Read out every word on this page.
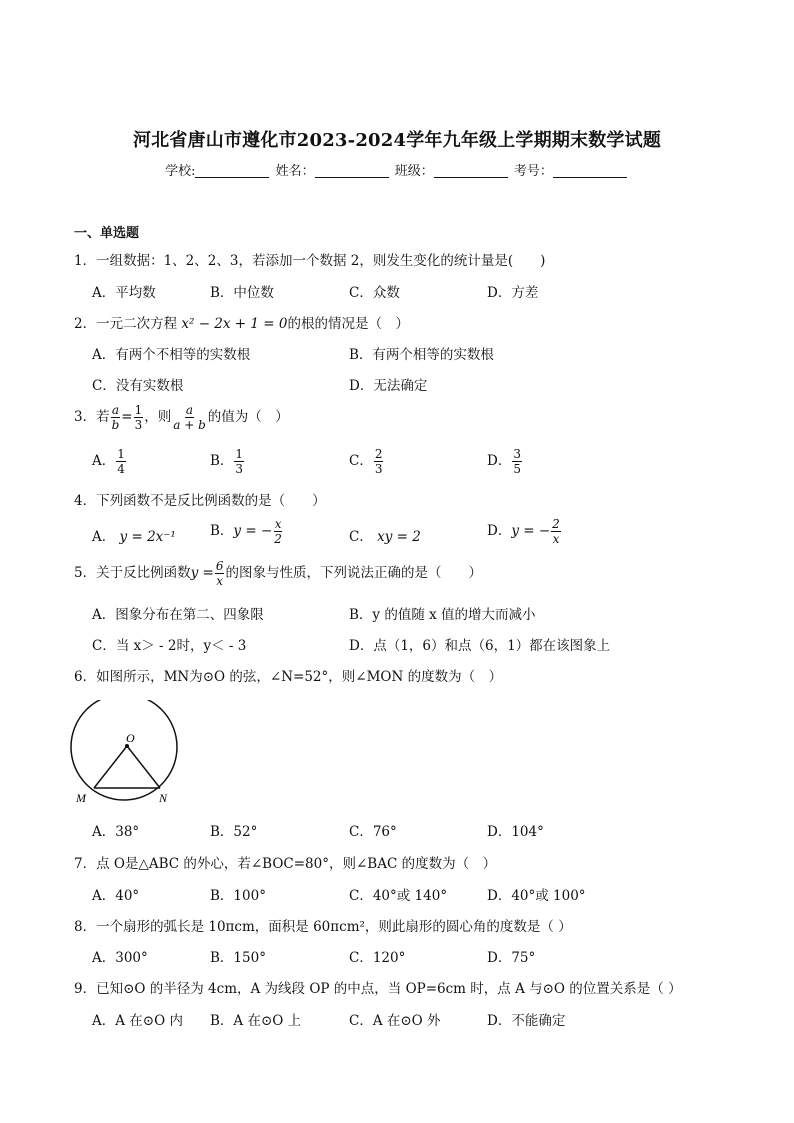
河北省唐山市遵化市2023-2024学年九年级上学期期末数学试题
学校:	姓名：	班级：	考号：
一、单选题
1．一组数据：1、2、2、3，若添加一个数据 2，则发生变化的统计量是(　　)
A．平均数	B．中位数	C．众数	D．方差
2．一元二次方程 x² − 2x + 1 = 0的根的情况是（　）
A．有两个不相等的实数根	B．有两个相等的实数根
C．没有实数根	D．无法确定
3．若 $\frac{a}{b} = \frac{1}{3}$ ，则 $\frac{a}{a + b}$ 的值为（　）
A． $\frac{1}{4}$	B． $\frac{1}{3}$	C． $\frac{2}{3}$	D． $\frac{3}{5}$
4．下列函数不是反比例函数的是（　　）
A． y = 2x⁻¹	B．y = − $\frac{x}{2}$	C． xy = 2	D．y = − $\frac{2}{x}$
5．关于反比例函数$y = \frac{6}{x}$ 的图象与性质，下列说法正确的是（　　）
A．图象分布在第二、四象限	B．y 的值随 x 值的增大而减小
C．当 x＞ - 2时，y＜ - 3	D．点（1，6）和点（6，1）都在该图象上
6．如图所示，MN为⊙O 的弦，∠N=52°，则∠MON 的度数为（　）
O
M	N
A．38°	B．52°	C．76°	D．104°
7．点 O是△ABC 的外心，若∠BOC=80°，则∠BAC 的度数为（　）
A．40°	B．100°	C．40°或 140°	D．40°或 100°
8．一个扇形的弧长是 10πcm，面积是 60πcm²，则此扇形的圆心角的度数是（ ）
A．300°	B．150°	C．120°	D．75°
9．已知⊙O 的半径为 4cm，A 为线段 OP 的中点，当 OP=6cm 时，点 A 与⊙O 的位置关系是（ ）
A．A 在⊙O 内 B．A 在⊙O 上	C．A 在⊙O 外	D．不能确定
